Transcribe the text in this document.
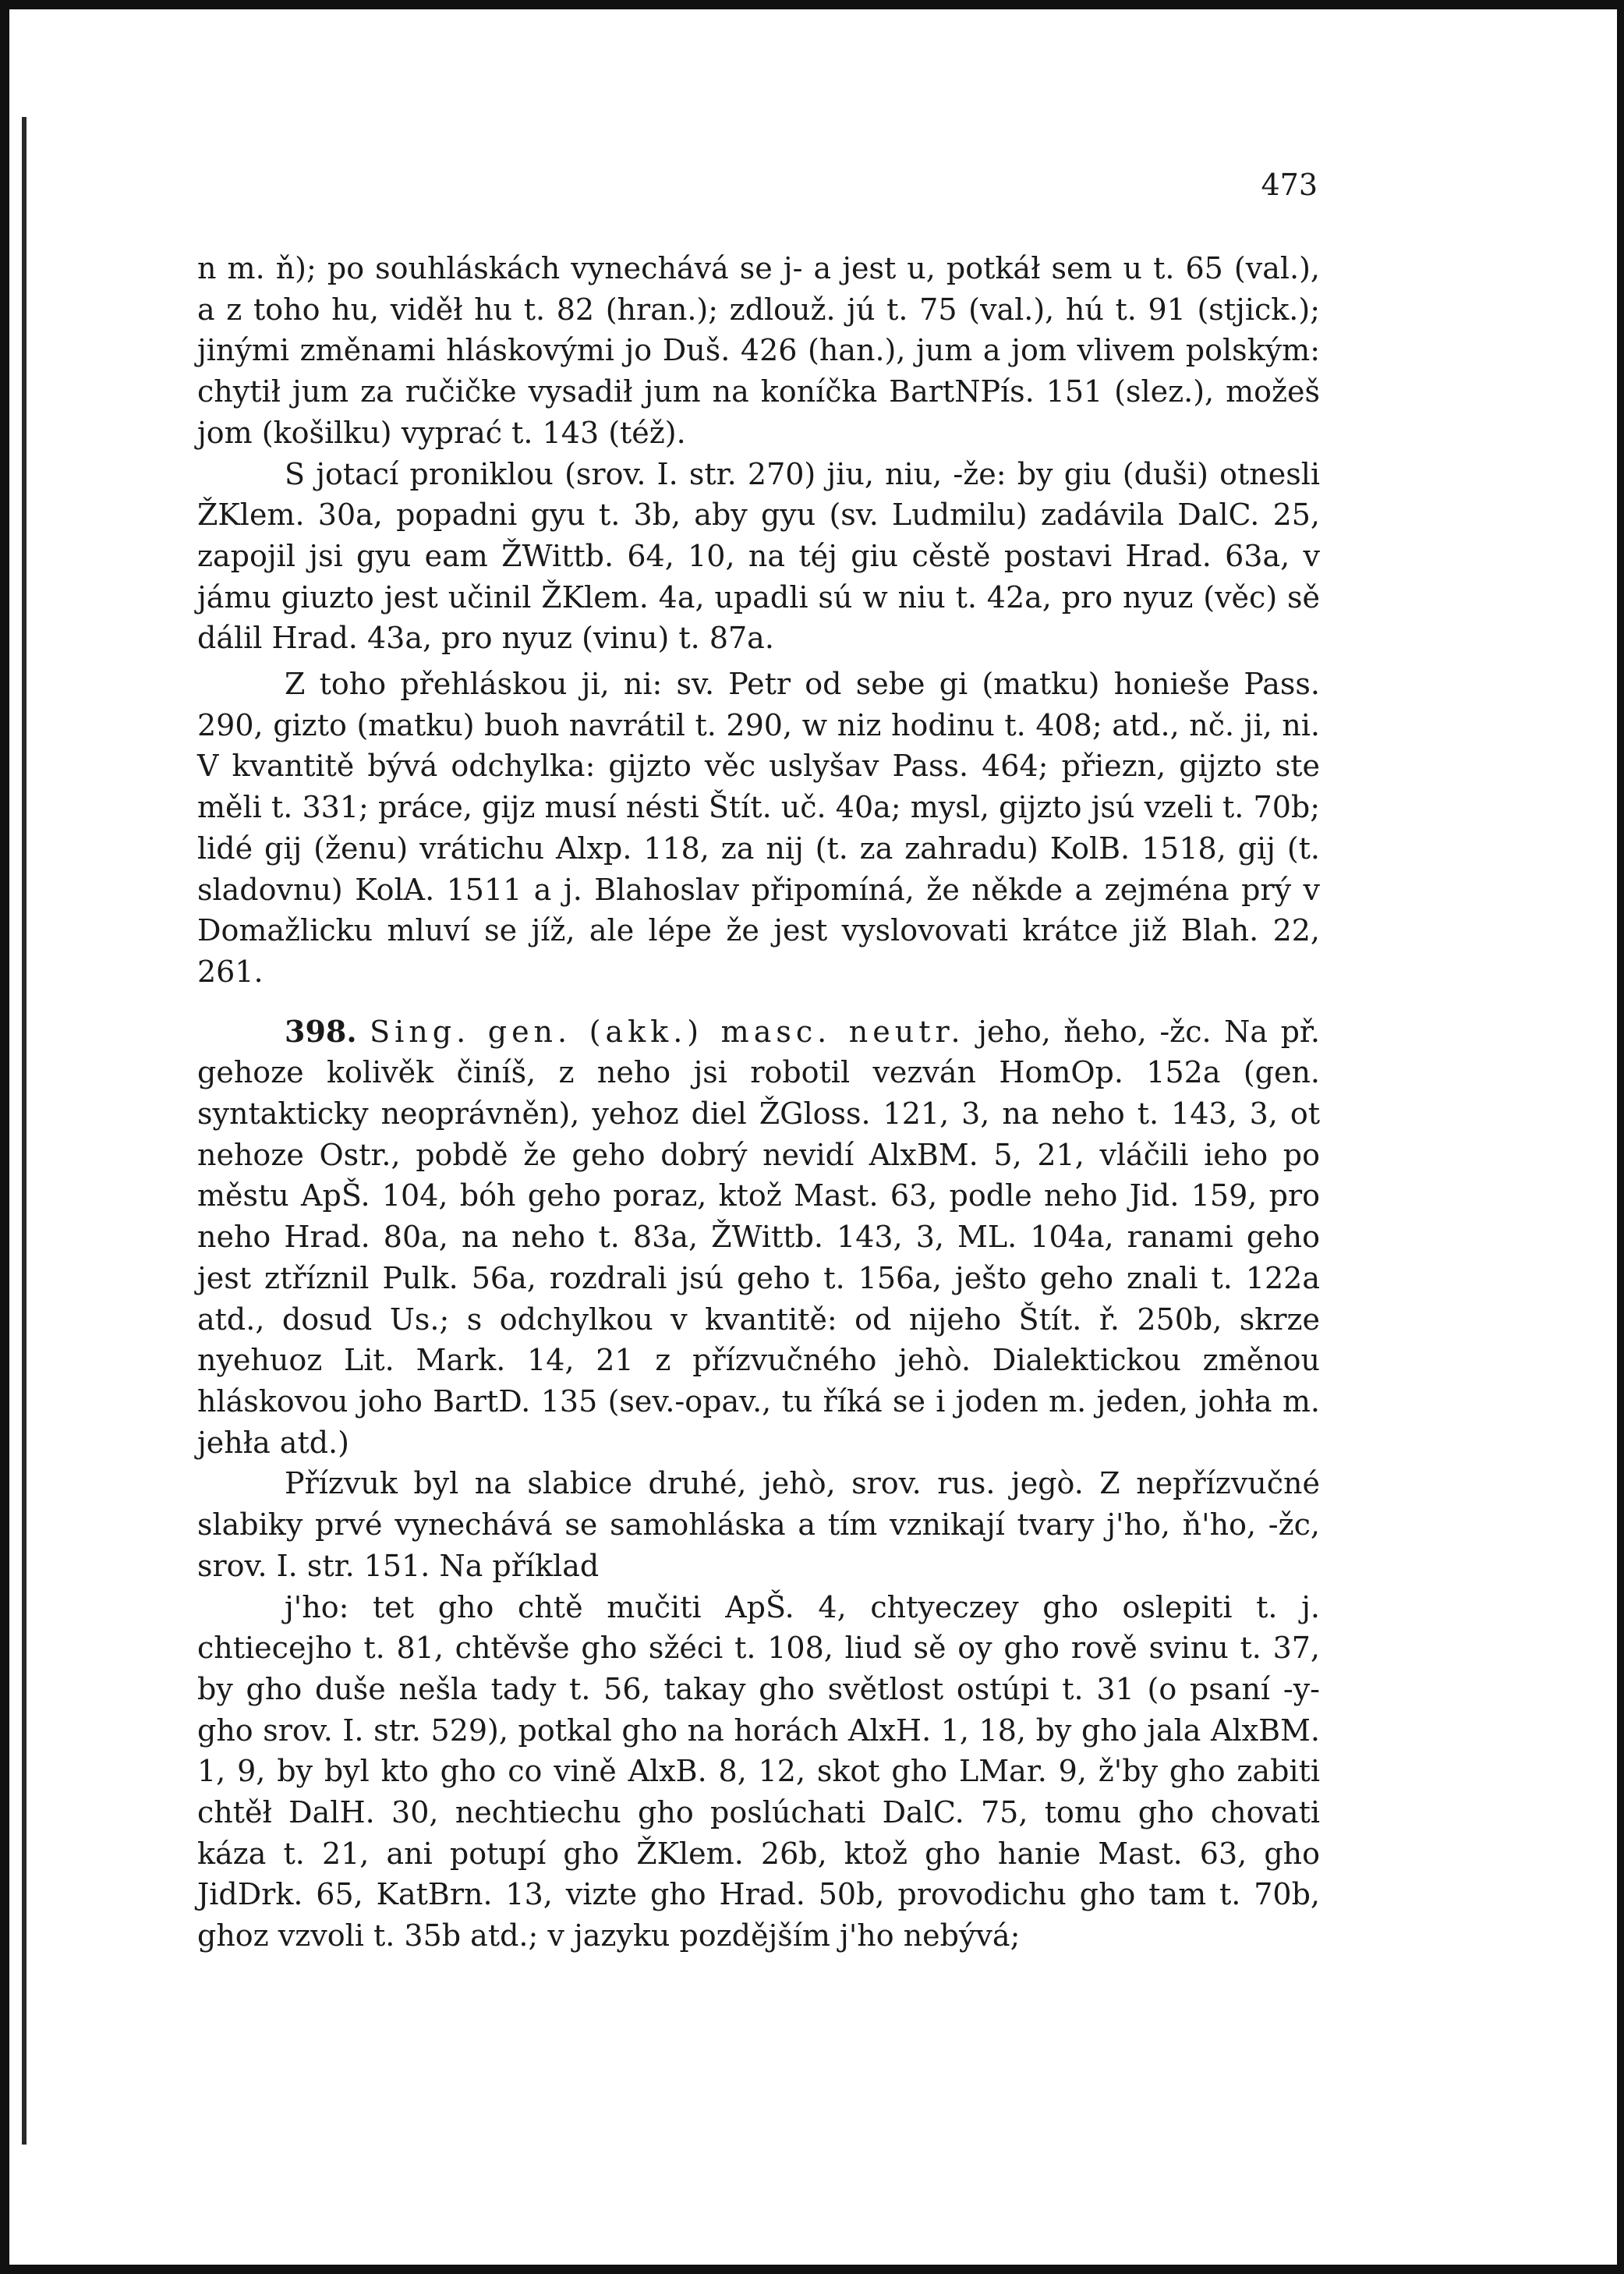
473

n m. ň); po souhláskách vynechává se j- a jest u, potkáł sem u t. 65 (val.), a z toho hu, viděł hu t. 82 (hran.); zdlouž. jú t. 75 (val.), hú t. 91 (stjick.); jinými změnami hláskovými jo Duš. 426 (han.), jum a jom vlivem polským: chytił jum za ručičke vysadił jum na koníčka BartNPís. 151 (slez.), možeš jom (košilku) vyprać t. 143 (též).

S jotací proniklou (srov. I. str. 270) jiu, niu, -že: by giu (duši) otnesli ŽKlem. 30a, popadni gyu t. 3b, aby gyu (sv. Ludmilu) zadávila DalC. 25, zapojil jsi gyu eam ŽWittb. 64, 10, na téj giu cěstě postavi Hrad. 63a, v jámu giuzto jest učinil ŽKlem. 4a, upadli sú w niu t. 42a, pro nyuz (věc) sě dálil Hrad. 43a, pro nyuz (vinu) t. 87a.

Z toho přehláskou ji, ni: sv. Petr od sebe gi (matku) honieše Pass. 290, gizto (matku) buoh navrátil t. 290, w niz hodinu t. 408; atd., nč. ji, ni. V kvantitě bývá odchylka: gijzto věc uslyšav Pass. 464; přiezn, gijzto ste měli t. 331; práce, gijz musí nésti Štít. uč. 40a; mysl, gijzto jsú vzeli t. 70b; lidé gij (ženu) vrátichu Alxp. 118, za nij (t. za zahradu) KolB. 1518, gij (t. sladovnu) KolA. 1511 a j. Blahoslav připomíná, že někde a zejména prý v Domažlicku mluví se jíž, ale lépe že jest vyslovovati krátce již Blah. 22, 261.

398. Sing. gen. (akk.) masc. neutr. jeho, ňeho, -žc. Na př. gehoze kolivěk činíš, z neho jsi robotil vezván HomOp. 152a (gen. syntakticky neoprávněn), yehoz diel ŽGloss. 121, 3, na neho t. 143, 3, ot nehoze Ostr., pobdě že geho dobrý nevidí AlxBM. 5, 21, vláčili ieho po městu ApŠ. 104, bóh geho poraz, ktož Mast. 63, podle neho Jid. 159, pro neho Hrad. 80a, na neho t. 83a, ŽWittb. 143, 3, ML. 104a, ranami geho jest ztříznil Pulk. 56a, rozdrali jsú geho t. 156a, ješto geho znali t. 122a atd., dosud Us.; s odchylkou v kvantitě: od nijeho Štít. ř. 250b, skrze nyehuoz Lit. Mark. 14, 21 z přízvučného jehò. Dialektickou změnou hláskovou joho BartD. 135 (sev.-opav., tu říká se i joden m. jeden, johła m. jehła atd.)

Přízvuk byl na slabice druhé, jehò, srov. rus. jegò. Z nepřízvučné slabiky prvé vynechává se samohláska a tím vznikají tvary j'ho, ň'ho, -žc, srov. I. str. 151. Na příklad

j'ho: tet gho chtě mučiti ApŠ. 4, chtyeczey gho oslepiti t. j. chtiecejho t. 81, chtěvše gho sžéci t. 108, liud sě oy gho rově svinu t. 37, by gho duše nešla tady t. 56, takay gho světlost ostúpi t. 31 (o psaní -y-gho srov. I. str. 529), potkal gho na horách AlxH. 1, 18, by gho jala AlxBM. 1, 9, by byl kto gho co vině AlxB. 8, 12, skot gho LMar. 9, ž'by gho zabiti chtěł DalH. 30, nechtiechu gho poslúchati DalC. 75, tomu gho chovati káza t. 21, ani potupí gho ŽKlem. 26b, ktož gho hanie Mast. 63, gho JidDrk. 65, KatBrn. 13, vizte gho Hrad. 50b, provodichu gho tam t. 70b, ghoz vzvoli t. 35b atd.; v jazyku pozdějším j'ho nebývá;
